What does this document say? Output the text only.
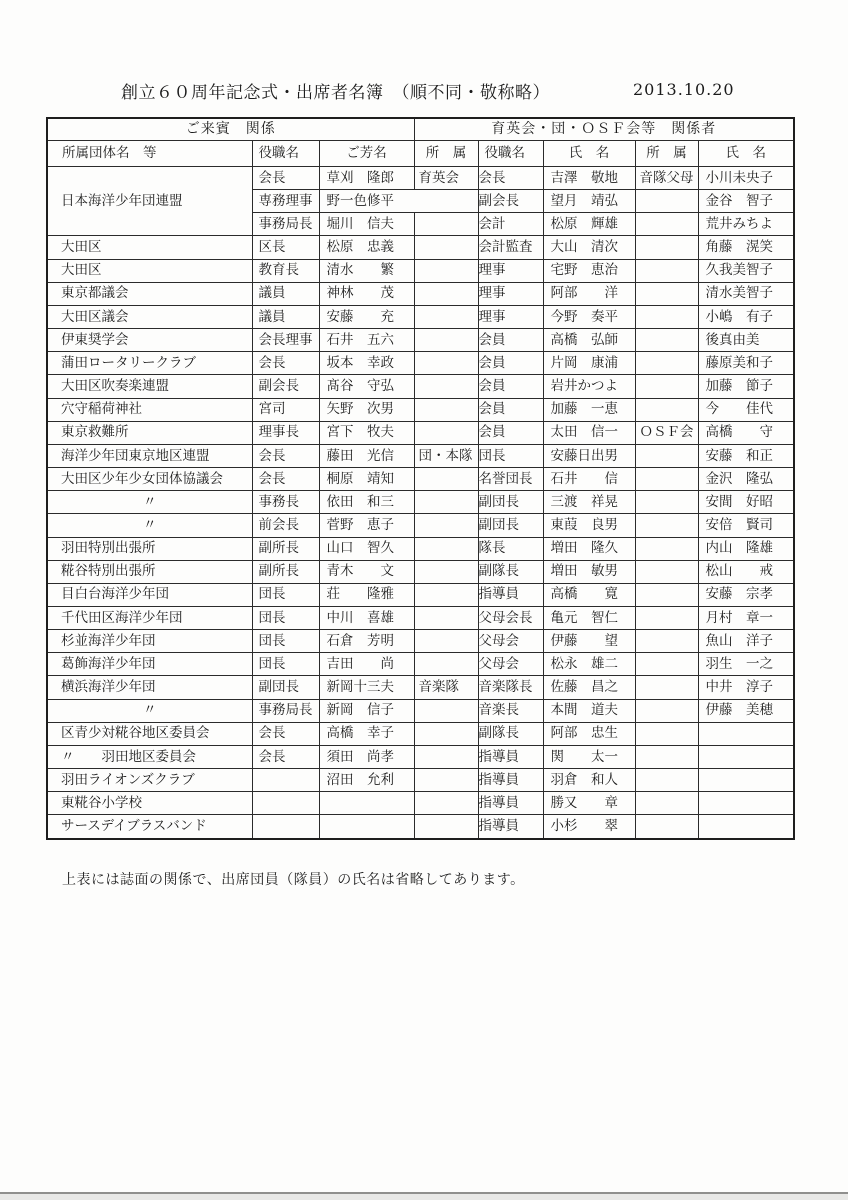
創立６０周年記念式・出席者名簿　（順不同・敬称略）	2013.10.20
ご来賓　関係			育英会・団・ＯＳＦ会等　関係者				
所属団体名　等	役職名	ご芳名	所　属	役職名	氏　名	所　属	氏　名
日本海洋少年団連盟	会長	草刈　隆郎	育英会	会長	吉澤　敬地	音隊父母	小川未央子
	専務理事	野一色修平		副会長	望月　靖弘		金谷　智子
	事務局長	堀川　信夫		会計	松原　輝雄		荒井みちよ
大田区	区長	松原　忠義		会計監査	大山　清次		角藤　滉笑
大田区	教育長	清水　　繁		理事	宅野　恵治		久我美智子
東京都議会	議員	神林　　茂		理事	阿部　　洋		清水美智子
大田区議会	議員	安藤　　充		理事	今野　奏平		小嶋　有子
伊東奨学会	会長理事	石井　五六		会員	高橋　弘師		後真由美
蒲田ロータリークラブ	会長	坂本　幸政		会員	片岡　康浦		藤原美和子
大田区吹奏楽連盟	副会長	髙谷　守弘		会員	岩井かつよ		加藤　節子
穴守稲荷神社	宮司	矢野　次男		会員	加藤　一恵		今　　佳代
東京救難所	理事長	宮下　牧夫		会員	太田　信一	ＯＳＦ会	高橋　　守
海洋少年団東京地区連盟	会長	藤田　光信	団・本隊	団長	安藤日出男		安藤　和正
大田区少年少女団体協議会	会長	桐原　靖知		名誉団長	石井　　信		金沢　隆弘
〃	事務長	依田　和三		副団長	三渡　祥晃		安間　好昭
〃	前会長	菅野　恵子		副団長	東葭　良男		安倍　賢司
羽田特別出張所	副所長	山口　智久		隊長	増田　隆久		内山　隆雄
糀谷特別出張所	副所長	青木　　文		副隊長	増田　敏男		松山　　戒
目白台海洋少年団	団長	荘　　隆雅		指導員	高橋　　寛		安藤　宗孝
千代田区海洋少年団	団長	中川　喜雄		父母会長	亀元　智仁		月村　章一
杉並海洋少年団	団長	石倉　芳明		父母会	伊藤　　望		魚山　洋子
葛飾海洋少年団	団長	吉田　　尚		父母会	松永　雄二		羽生　一之
横浜海洋少年団	副団長	新岡十三夫	音楽隊	音楽隊長	佐藤　昌之		中井　淳子
〃	事務局長	新岡　信子		音楽長	本間　道夫		伊藤　美穂
区青少対糀谷地区委員会	会長	高橋　幸子		副隊長	阿部　忠生		
〃　　羽田地区委員会	会長	須田　尚孝		指導員	関　　太一		
羽田ライオンズクラブ		沼田　允利		指導員	羽倉　和人		
東糀谷小学校				指導員	勝又　　章		
サースデイブラスバンド				指導員	小杉　　翠		

上表には誌面の関係で、出席団員（隊員）の氏名は省略してあります。
